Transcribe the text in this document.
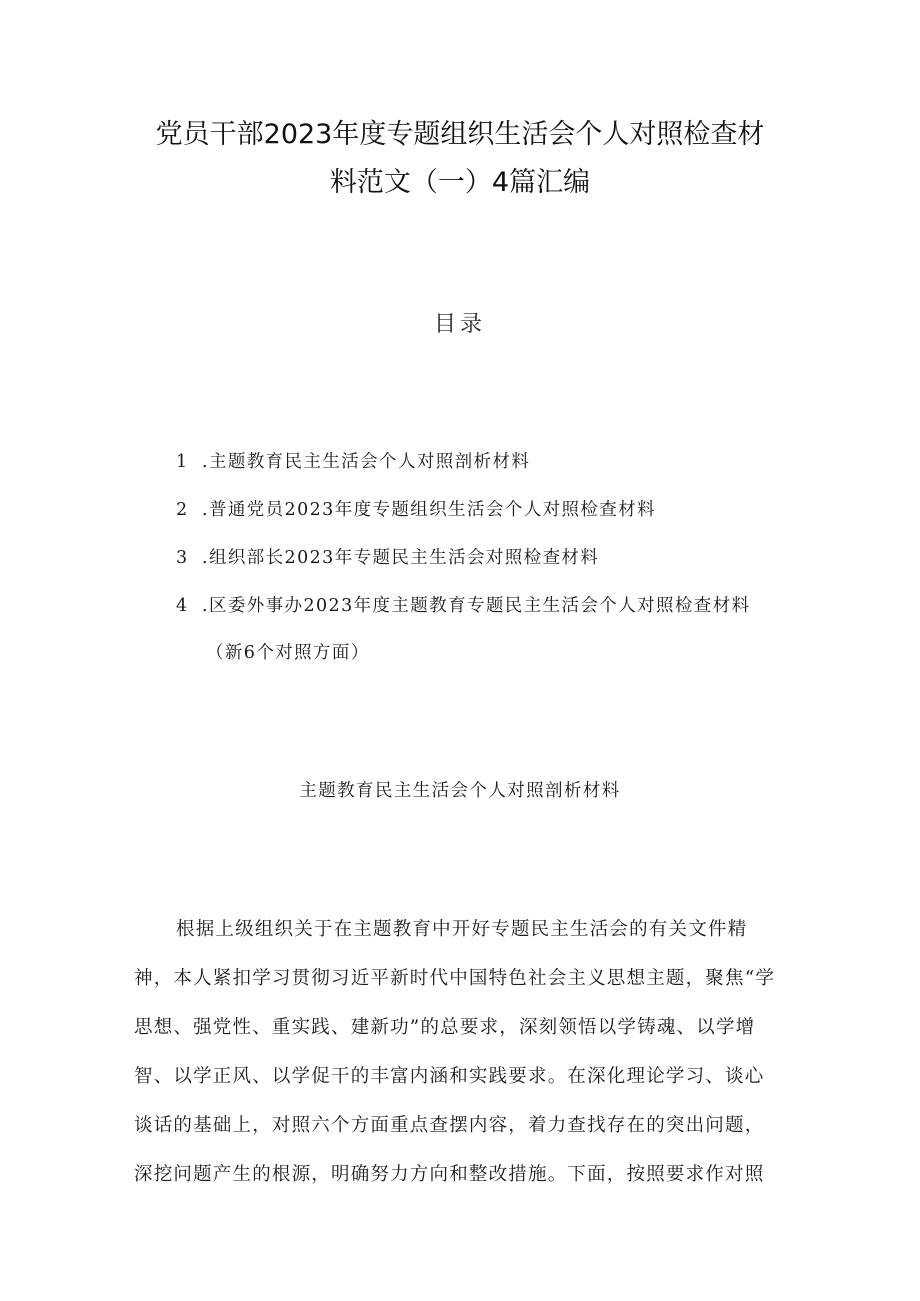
党员干部2023年度专题组织生活会个人对照检查材
料范文（一）4篇汇编
目录
1 .主题教育民主生活会个人对照剖析材料
2 .普通党员2023年度专题组织生活会个人对照检查材料
3 .组织部长2023年专题民主生活会对照检查材料
4 .区委外事办2023年度主题教育专题民主生活会个人对照检查材料
（新6个对照方面）
主题教育民主生活会个人对照剖析材料
根据上级组织关于在主题教育中开好专题民主生活会的有关文件精
神，本人紧扣学习贯彻习近平新时代中国特色社会主义思想主题，聚焦“学
思想、强党性、重实践、建新功”的总要求，深刻领悟以学铸魂、以学增
智、以学正风、以学促干的丰富内涵和实践要求。在深化理论学习、谈心
谈话的基础上，对照六个方面重点查摆内容，着力查找存在的突出问题，
深挖问题产生的根源，明确努力方向和整改措施。下面，按照要求作对照
